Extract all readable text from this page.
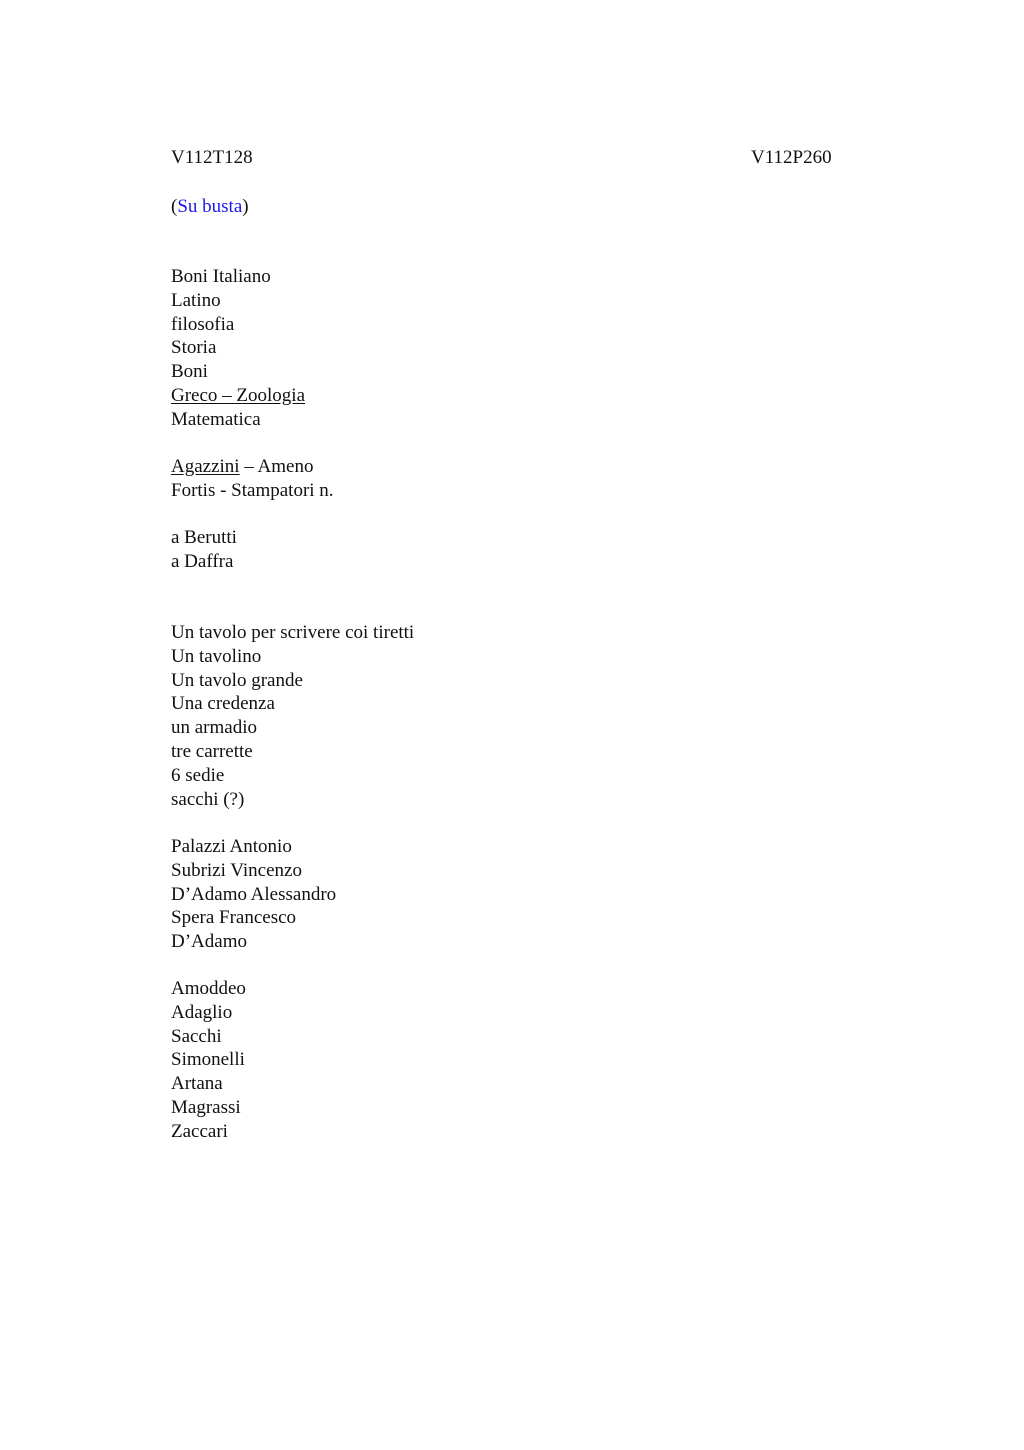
V112T128	V112P260
(Su busta)
Boni Italiano
Latino
filosofia
Storia
Boni
Greco – Zoologia
Matematica
Agazzini – Ameno
Fortis - Stampatori n.
a Berutti
a Daffra
Un tavolo per scrivere coi tiretti
Un tavolino
Un tavolo grande
Una credenza
un armadio
tre carrette
6 sedie
sacchi (?)
Palazzi Antonio
Subrizi Vincenzo
D’Adamo Alessandro
Spera Francesco
D’Adamo
Amoddeo
Adaglio
Sacchi
Simonelli
Artana
Magrassi
Zaccari
